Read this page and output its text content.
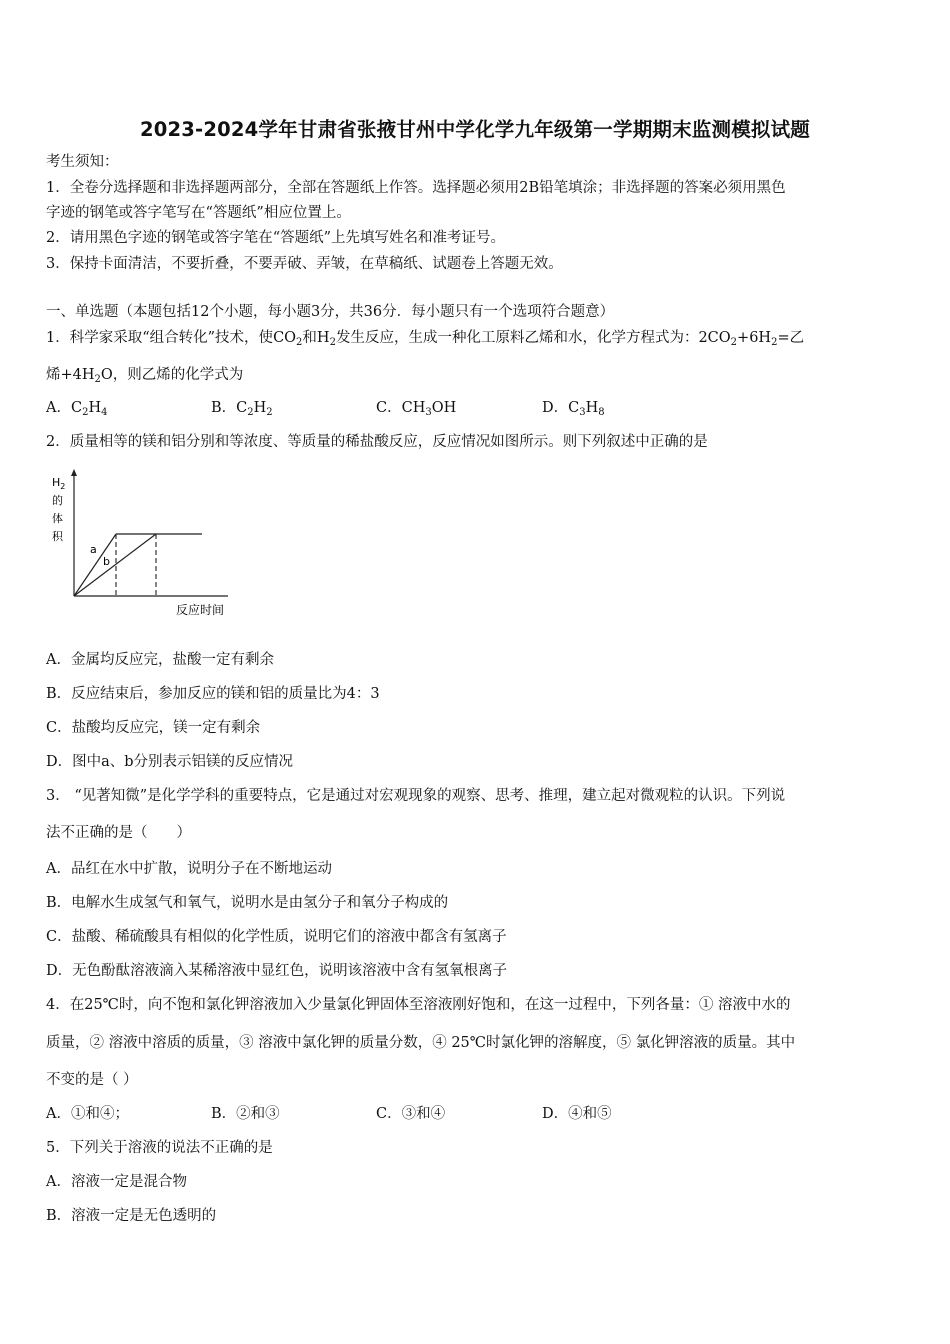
2023-2024学年甘肃省张掖甘州中学化学九年级第一学期期末监测模拟试题
考生须知：
1．全卷分选择题和非选择题两部分，全部在答题纸上作答。选择题必须用2B铅笔填涂；非选择题的答案必须用黑色
字迹的钢笔或答字笔写在“答题纸”相应位置上。
2．请用黑色字迹的钢笔或答字笔在“答题纸”上先填写姓名和准考证号。
3．保持卡面清洁，不要折叠，不要弄破、弄皱，在草稿纸、试题卷上答题无效。
一、单选题（本题包括12个小题，每小题3分，共36分．每小题只有一个选项符合题意）
1．科学家采取“组合转化”技术，使$CO_2$和$H_2$发生反应，生成一种化工原料乙烯和水，化学方程式为：$2CO_2+6H_2=$乙
烯$+4H_2O$，则乙烯的化学式为
A．$C_2H_4$	B．$C_2H_2$	C．$CH_3OH$	D．$C_3H_8$
2．质量相等的镁和铝分别和等浓度、等质量的稀盐酸反应，反应情况如图所示。则下列叙述中正确的是
$H_2$
的
体
积
a
b
反应时间
A．金属均反应完，盐酸一定有剩余
B．反应结束后，参加反应的镁和铝的质量比为4：3
C．盐酸均反应完，镁一定有剩余
D．图中a、b分别表示铝镁的反应情况
3． “见著知微”是化学学科的重要特点，它是通过对宏观现象的观察、思考、推理，建立起对微观粒的认识。下列说
法不正确的是（　　）
A．品红在水中扩散，说明分子在不断地运动
B．电解水生成氢气和氧气，说明水是由氢分子和氧分子构成的
C．盐酸、稀硫酸具有相似的化学性质，说明它们的溶液中都含有氢离子
D．无色酚酞溶液滴入某稀溶液中显红色，说明该溶液中含有氢氧根离子
4．在25℃时，向不饱和氯化钾溶液加入少量氯化钾固体至溶液刚好饱和，在这一过程中，下列各量：① 溶液中水的
质量，② 溶液中溶质的质量，③ 溶液中氯化钾的质量分数，④ 25℃时氯化钾的溶解度，⑤ 氯化钾溶液的质量。其中
不变的是（ ）
A．①和④；	B．②和③	C．③和④	D．④和⑤
5．下列关于溶液的说法不正确的是
A．溶液一定是混合物
B．溶液一定是无色透明的
